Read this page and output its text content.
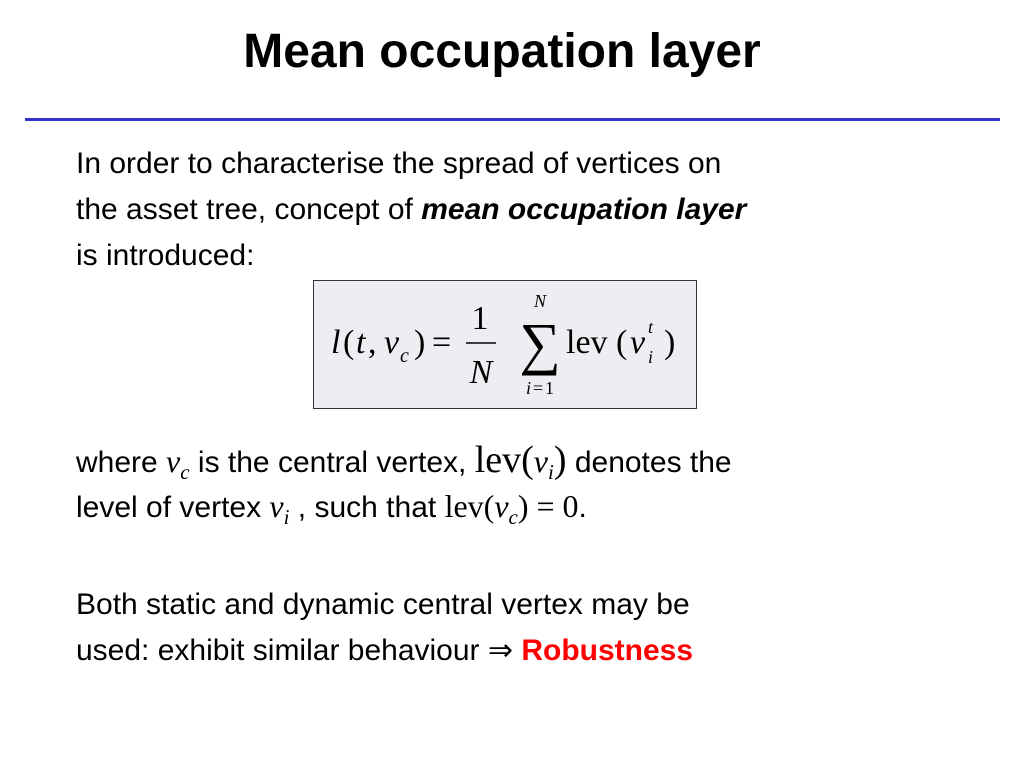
Mean occupation layer
In order to characterise the spread of vertices on
the asset tree, concept of mean occupation layer
is introduced:
l ( t , v c ) =
1
N
N
∑
i = 1
lev ( v t
i )
where $v_c$ is the central vertex, $lev(v_i)$ denotes the
level of vertex $v_i$ , such that $lev(v_c) = 0$.
Both static and dynamic central vertex may be
used: exhibit similar behaviour ⇒ Robustness
